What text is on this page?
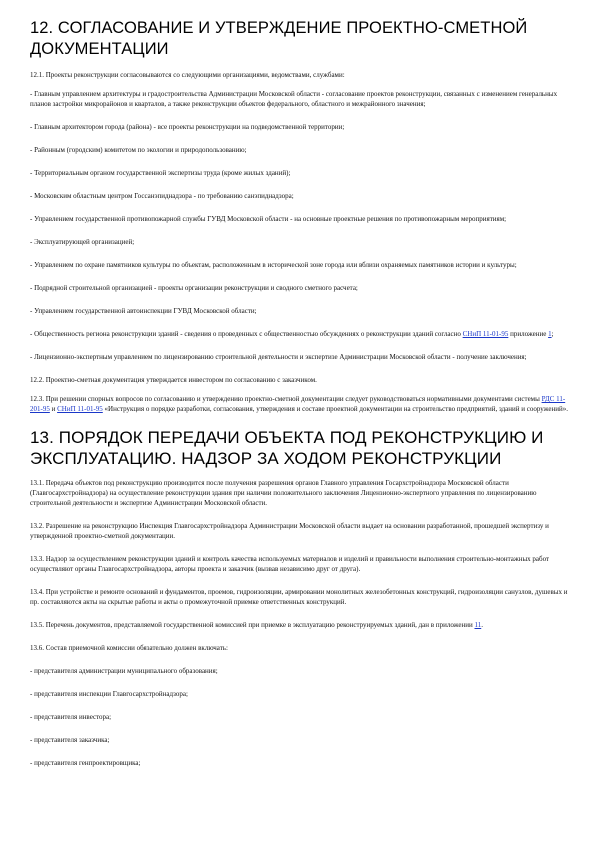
12. СОГЛАСОВАНИЕ И УТВЕРЖДЕНИЕ ПРОЕКТНО-СМЕТНОЙ ДОКУМЕНТАЦИИ

12.1. Проекты реконструкции согласовываются со следующими организациями, ведомствами, службами:

- Главным управлением архитектуры и градостроительства Администрации Московской области - согласование проектов реконструкции, связанных с изменением генеральных планов застройки микрорайонов и кварталов, а также реконструкции объектов федерального, областного и межрайонного значения;

- Главным архитектором города (района) - все проекты реконструкции на подведомственной территории;

- Районным (городским) комитетом по экологии и природопользованию;

- Территориальным органом государственной экспертизы труда (кроме жилых зданий);

- Московским областным центром Госсанэпиднадзора - по требованию санэпиднадзора;

- Управлением государственной противопожарной службы ГУВД Московской области - на основные проектные решения по противопожарным мероприятиям;

- Эксплуатирующей организацией;

- Управлением по охране памятников культуры по объектам, расположенным в исторической зоне города или вблизи охраняемых памятников истории и культуры;

- Подрядной строительной организацией - проекты организации реконструкции и сводного сметного расчета;

- Управлением государственной автоинспекции ГУВД Московской области;

- Общественность региона реконструкции зданий - сведения о проведенных с общественностью обсуждениях о реконструкции зданий согласно СНиП 11-01-95 приложение 1;

- Лицензионно-экспертным управлением по лицензированию строительной деятельности и экспертизе Администрации Московской области - получение заключения;

12.2. Проектно-сметная документация утверждается инвестором по согласованию с заказчиком.

12.3. При решении спорных вопросов по согласованию и утверждению проектно-сметной документации следует руководствоваться нормативными документами системы РДС 11-201-95 и СНиП 11-01-95 «Инструкция о порядке разработки, согласования, утверждения и составе проектной документации на строительство предприятий, зданий и сооружений».

13. ПОРЯДОК ПЕРЕДАЧИ ОБЪЕКТА ПОД РЕКОНСТРУКЦИЮ И ЭКСПЛУАТАЦИЮ. НАДЗОР ЗА ХОДОМ РЕКОНСТРУКЦИИ

13.1. Передача объектов под реконструкцию производится после получения разрешения органов Главного управления Госархстройнадзора Московской области (Главгосархстройнадзора) на осуществление реконструкции здания при наличии положительного заключения Лицензионно-экспертного управления по лицензированию строительной деятельности и экспертизе Администрации Московской области.

13.2. Разрешение на реконструкцию Инспекция Главгосархстройнадзора Администрации Московской области выдает на основании разработанной, прошедшей экспертизу и утвержденной проектно-сметной документации.

13.3. Надзор за осуществлением реконструкции зданий и контроль качества используемых материалов и изделий и правильности выполнения строительно-монтажных работ осуществляют органы Главгосархстройнадзора, авторы проекта и заказчик (вызвав независимо друг от друга).

13.4. При устройстве и ремонте оснований и фундаментов, проемов, гидроизоляции, армировании монолитных железобетонных конструкций, гидроизоляции санузлов, душевых и пр. составляются акты на скрытые работы и акты о промежуточной приемке ответственных конструкций.

13.5. Перечень документов, представляемой государственной комиссией при приемке в эксплуатацию реконструируемых зданий, дан в приложении 11.

13.6. Состав приемочной комиссии обязательно должен включать:

- представителя администрации муниципального образования;

- представителя инспекции Главгосархстройнадзора;

- представителя инвестора;

- представителя заказчика;

- представителя генпроектировщика;
